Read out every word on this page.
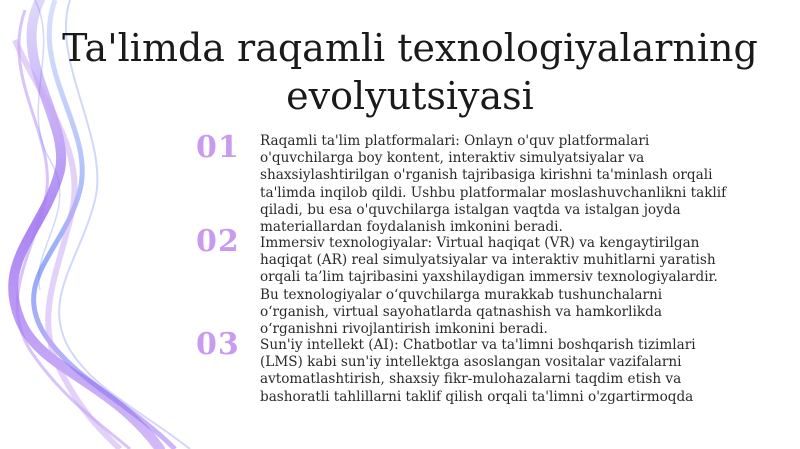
Ta'limda raqamli texnologiyalarning evolyutsiyasi
01 Raqamli ta'lim platformalari: Onlayn o'quv platformalari o'quvchilarga boy kontent, interaktiv simulyatsiyalar va shaxsiylashtirilgan o'rganish tajribasiga kirishni ta'minlash orqali ta'limda inqilob qildi. Ushbu platformalar moslashuvchanlikni taklif qiladi, bu esa o'quvchilarga istalgan vaqtda va istalgan joyda materiallardan foydalanish imkonini beradi.

02 Immersiv texnologiyalar: Virtual haqiqat (VR) va kengaytirilgan haqiqat (AR) real simulyatsiyalar va interaktiv muhitlarni yaratish orqali ta’lim tajribasini yaxshilaydigan immersiv texnologiyalardir. Bu texnologiyalar o‘quvchilarga murakkab tushunchalarni o‘rganish, virtual sayohatlarda qatnashish va hamkorlikda o‘rganishni rivojlantirish imkonini beradi.

03 Sun'iy intellekt (AI): Chatbotlar va ta'limni boshqarish tizimlari (LMS) kabi sun'iy intellektga asoslangan vositalar vazifalarni avtomatlashtirish, shaxsiy fikr-mulohazalarni taqdim etish va bashoratli tahlillarni taklif qilish orqali ta'limni o'zgartirmoqda
